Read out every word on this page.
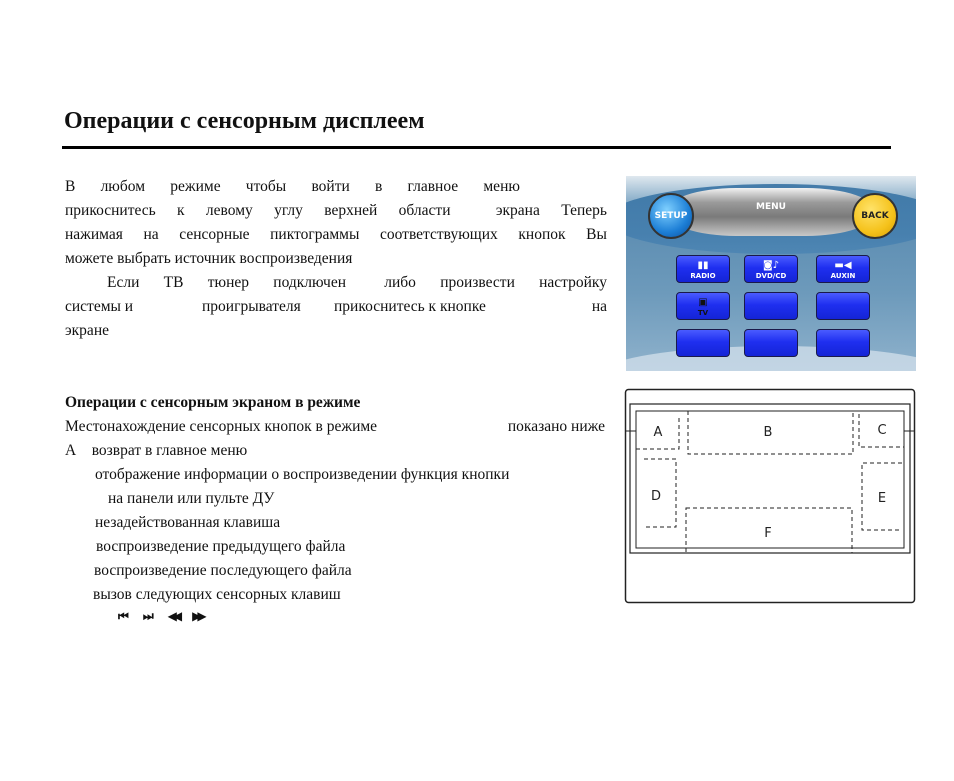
Операции с сенсорным дисплеем
В любом режиме чтобы войти в главное меню
прикоснитесь к левому углу верхней области	экрана Теперь
нажимая на сенсорные пиктограммы соответствующих кнопок Вы
можете выбрать источник воспроизведения
Если ТВ тюнер подключен либо произвести настройку
системы и	проигрывателя прикоснитесь к кнопке	на
экране
Операции с сенсорным экраном в режиме
Местонахождение сенсорных кнопок в режиме	показано ниже
А    возврат в главное меню
отображение информации о воспроизведении функция кнопки
на панели или пульте ДУ
незадействованная клавиша
воспроизведение предыдущего файла
воспроизведение последующего файла
вызов следующих сенсорных клавиш
⏮ ⏭ ◀◀ ▶▶
MENU
SETUP	BACK
▮▮
RADIO
◙♪
DVD/CD
▬◀
AUXIN
▣
TV
A	B	C
D	E
F
